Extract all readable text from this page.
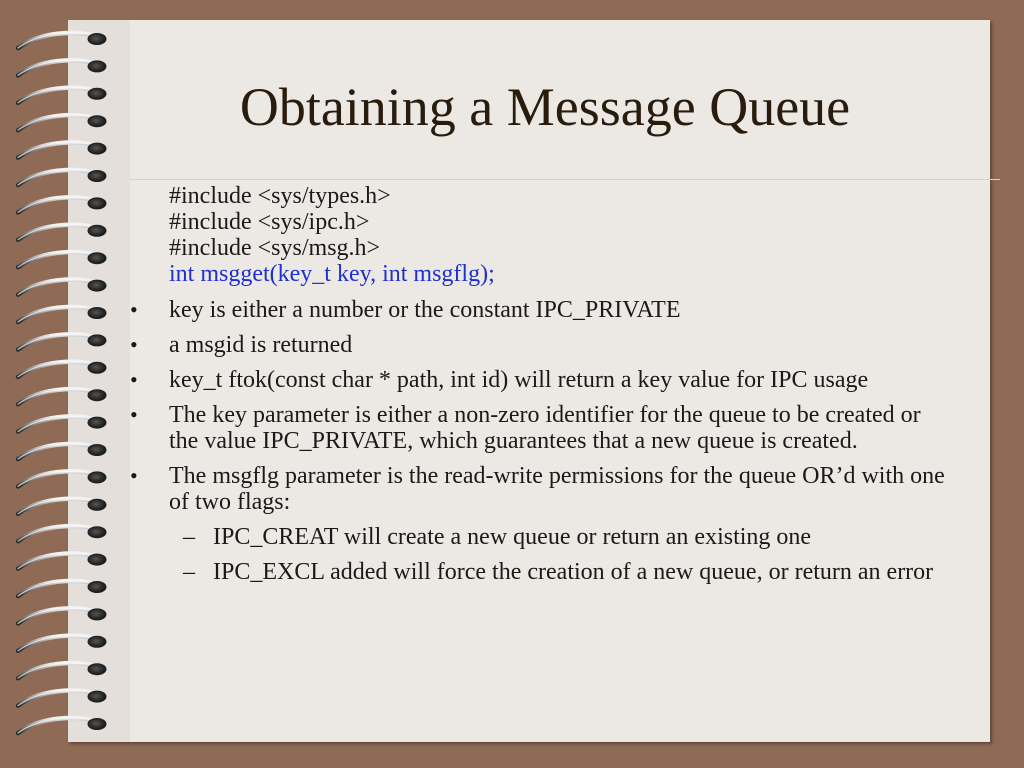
Obtaining a Message Queue
#include <sys/types.h>
#include <sys/ipc.h>
#include <sys/msg.h>
int msgget(key_t key, int msgflg);
• key is either a number or the constant IPC_PRIVATE
• a msgid is returned
• key_t ftok(const char * path, int id) will return a key value for IPC usage
• The key parameter is either a non-zero identifier for the queue to be created or the value IPC_PRIVATE, which guarantees that a new queue is created.
• The msgflg parameter is the read-write permissions for the queue OR’d with one of two flags:
– IPC_CREAT will create a new queue or return an existing one
– IPC_EXCL added will force the creation of a new queue, or return an error
